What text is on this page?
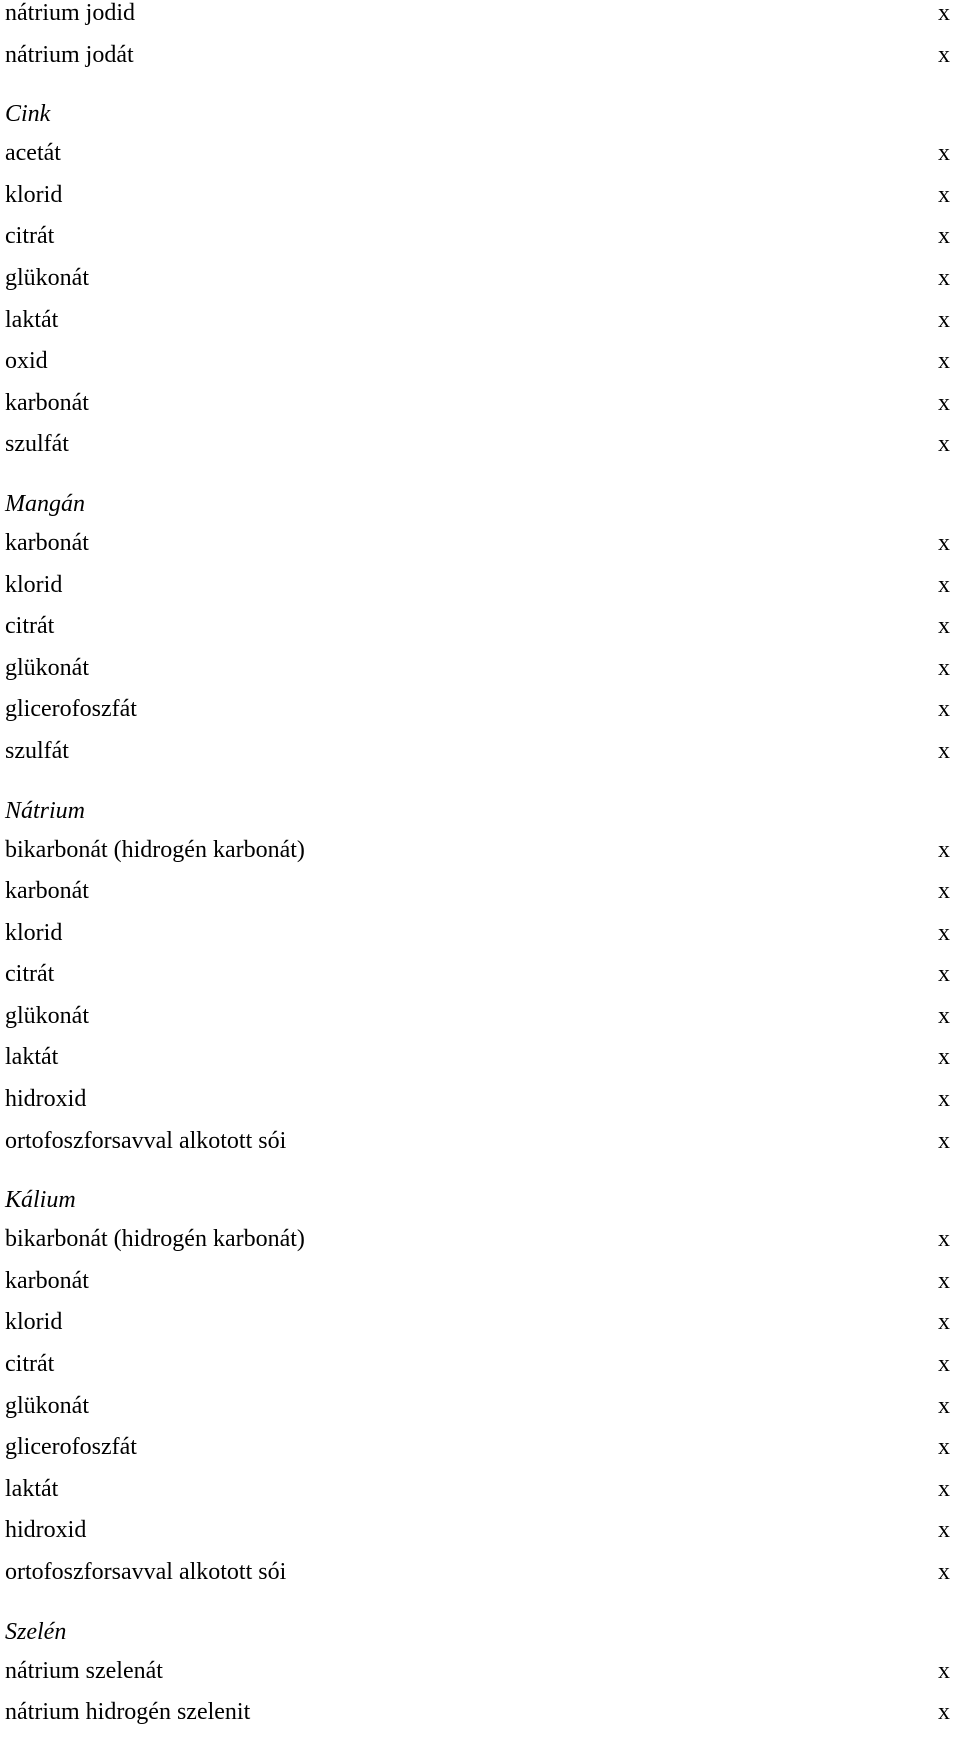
nátrium jodid	x
nátrium jodát	x
Cink
acetát	x
klorid	x
citrát	x
glükonát	x
laktát	x
oxid	x
karbonát	x
szulfát	x
Mangán
karbonát	x
klorid	x
citrát	x
glükonát	x
glicerofoszfát	x
szulfát	x
Nátrium
bikarbonát (hidrogén karbonát)	x
karbonát	x
klorid	x
citrát	x
glükonát	x
laktát	x
hidroxid	x
ortofoszforsavval alkotott sói	x
Kálium
bikarbonát (hidrogén karbonát)	x
karbonát	x
klorid	x
citrát	x
glükonát	x
glicerofoszfát	x
laktát	x
hidroxid	x
ortofoszforsavval alkotott sói	x
Szelén
nátrium szelenát	x
nátrium hidrogén szelenit	x
